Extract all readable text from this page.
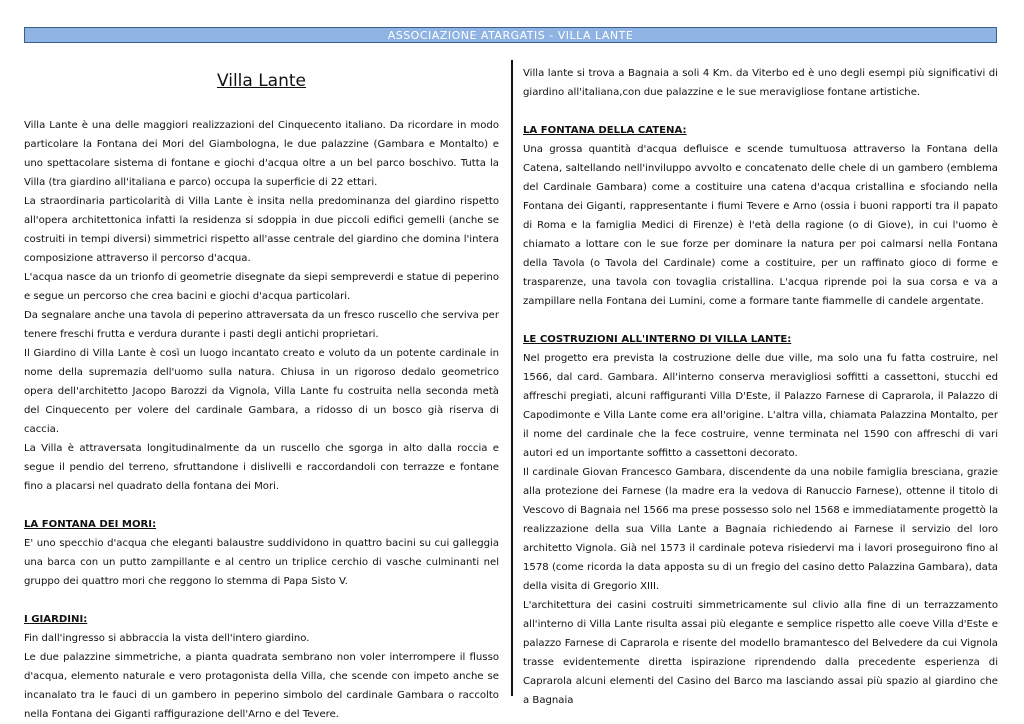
ASSOCIAZIONE ATARGATIS - VILLA LANTE
Villa Lante

Villa Lante è una delle maggiori realizzazioni del Cinquecento italiano. Da ricordare in modo particolare la Fontana dei Mori del Giambologna, le due palazzine (Gambara e Montalto) e uno spettacolare sistema di fontane e giochi d'acqua oltre a un bel parco boschivo. Tutta la Villa (tra giardino all'italiana e parco) occupa la superficie di 22 ettari.

La straordinaria particolarità di Villa Lante è insita nella predominanza del giardino rispetto all'opera architettonica infatti la residenza si sdoppia in due piccoli edifici gemelli (anche se costruiti in tempi diversi) simmetrici rispetto all'asse centrale del giardino che domina l'intera composizione attraverso il percorso d'acqua.

L'acqua nasce da un trionfo di geometrie disegnate da siepi sempreverdi e statue di peperino e segue un percorso che crea bacini e giochi d'acqua particolari.

Da segnalare anche una tavola di peperino attraversata da un fresco ruscello che serviva per tenere freschi frutta e verdura durante i pasti degli antichi proprietari.

Il Giardino di Villa Lante è così un luogo incantato creato e voluto da un potente cardinale in nome della supremazia dell'uomo sulla natura. Chiusa in un rigoroso dedalo geometrico opera dell'architetto Jacopo Barozzi da Vignola, Villa Lante fu costruita nella seconda metà del Cinquecento per volere del cardinale Gambara, a ridosso di un bosco già riserva di caccia.

La Villa è attraversata longitudinalmente da un ruscello che sgorga in alto dalla roccia e segue il pendio del terreno, sfruttandone i dislivelli e raccordandoli con terrazze e fontane fino a placarsi nel quadrato della fontana dei Mori.

LA FONTANA DEI MORI:

E' uno specchio d'acqua che eleganti balaustre suddividono in quattro bacini su cui galleggia una barca con un putto zampillante e al centro un triplice cerchio di vasche culminanti nel gruppo dei quattro mori che reggono lo stemma di Papa Sisto V.

I GIARDINI:

Fin dall'ingresso si abbraccia la vista dell'intero giardino.

Le due palazzine simmetriche, a pianta quadrata sembrano non voler interrompere il flusso d'acqua, elemento naturale e vero protagonista della Villa, che scende con impeto anche se incanalato tra le fauci di un gambero in peperino simbolo del cardinale Gambara o raccolto nella Fontana dei Giganti raffigurazione dell'Arno e del Tevere.

Villa lante si trova a Bagnaia a soli 4 Km. da Viterbo ed è uno degli esempi più significativi di giardino all'italiana,con due palazzine e le sue meravigliose fontane artistiche.

LA FONTANA DELLA CATENA:

Una grossa quantità d'acqua defluisce e scende tumultuosa attraverso la Fontana della Catena, saltellando nell'inviluppo avvolto e concatenato delle chele di un gambero (emblema del Cardinale Gambara) come a costituire una catena d'acqua cristallina e sfociando nella Fontana dei Giganti, rappresentante i fiumi Tevere e Arno (ossia i buoni rapporti tra il papato di Roma e la famiglia Medici di Firenze) è l'età della ragione (o di Giove), in cui l'uomo è chiamato a lottare con le sue forze per dominare la natura per poi calmarsi nella Fontana della Tavola (o Tavola del Cardinale) come a costituire, per un raffinato gioco di forme e trasparenze, una tavola con tovaglia cristallina. L'acqua riprende poi la sua corsa e va a zampillare nella Fontana dei Lumini, come a formare tante fiammelle di candele argentate.

LE COSTRUZIONI ALL'INTERNO DI VILLA LANTE:

Nel progetto era prevista la costruzione delle due ville, ma solo una fu fatta costruire, nel 1566, dal card. Gambara. All'interno conserva meravigliosi soffitti a cassettoni, stucchi ed affreschi pregiati, alcuni raffiguranti Villa D'Este, il Palazzo Farnese di Caprarola, il Palazzo di Capodimonte e Villa Lante come era all'origine. L'altra villa, chiamata Palazzina Montalto, per il nome del cardinale che la fece costruire, venne terminata nel 1590 con affreschi di vari autori ed un importante soffitto a cassettoni decorato.

Il cardinale Giovan Francesco Gambara, discendente da una nobile famiglia bresciana, grazie alla protezione dei Farnese (la madre era la vedova di Ranuccio Farnese), ottenne il titolo di Vescovo di Bagnaia nel 1566 ma prese possesso solo nel 1568 e immediatamente progettò la realizzazione della sua Villa Lante a Bagnaia richiedendo ai Farnese il servizio del loro architetto Vignola. Già nel 1573 il cardinale poteva risiedervi ma i lavori proseguirono fino al 1578 (come ricorda la data apposta su di un fregio del casino detto Palazzina Gambara), data della visita di Gregorio XIII.

L'architettura dei casini costruiti simmetricamente sul clivio alla fine di un terrazzamento all'interno di Villa Lante risulta assai più elegante e semplice rispetto alle coeve Villa d'Este e palazzo Farnese di Caprarola e risente del modello bramantesco del Belvedere da cui Vignola trasse evidentemente diretta ispirazione riprendendo dalla precedente esperienza di Caprarola alcuni elementi del Casino del Barco ma lasciando assai più spazio al giardino che a Bagnaia
